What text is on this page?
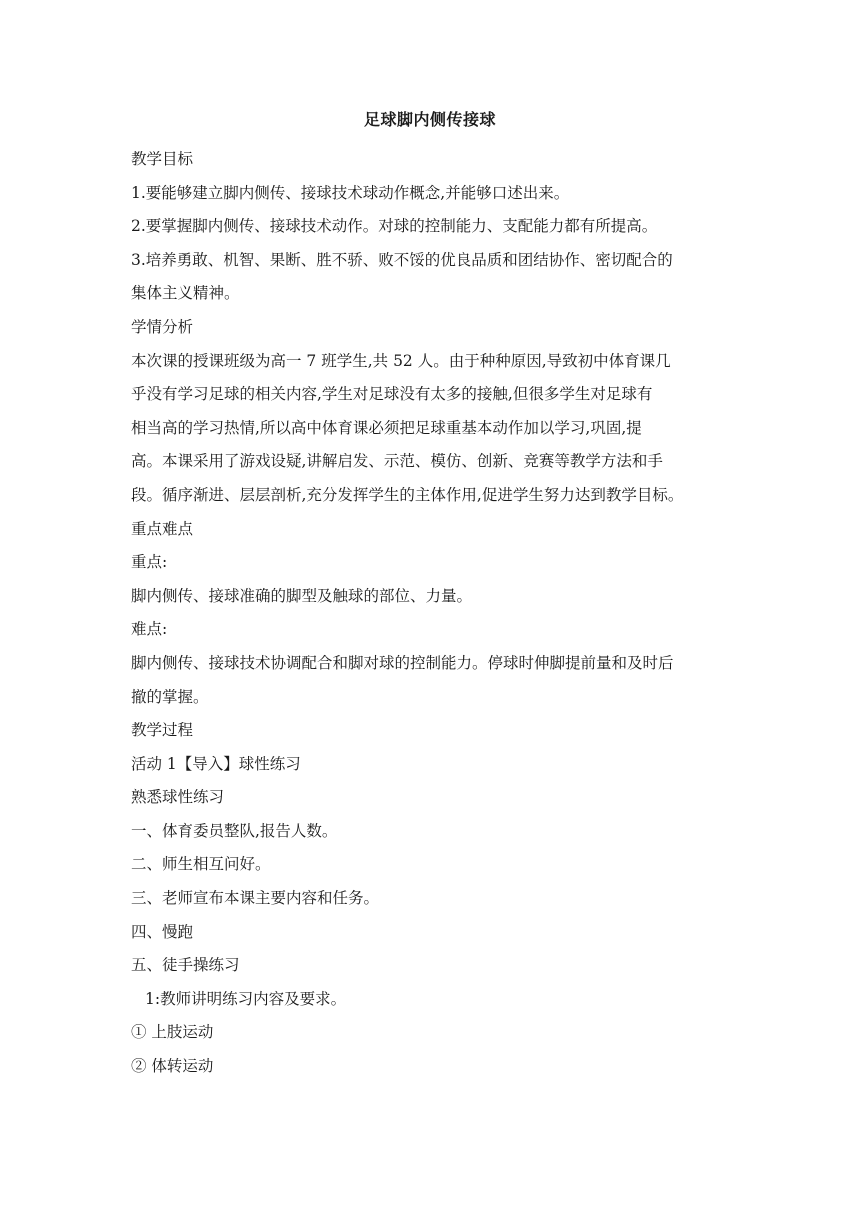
足球脚内侧传接球

教学目标

1.要能够建立脚内侧传、接球技术球动作概念,并能够口述出来。

2.要掌握脚内侧传、接球技术动作。对球的控制能力、支配能力都有所提高。

3.培养勇敢、机智、果断、胜不骄、败不馁的优良品质和团结协作、密切配合的

集体主义精神。

学情分析

本次课的授课班级为高一 7 班学生,共 52 人。由于种种原因,导致初中体育课几

乎没有学习足球的相关内容,学生对足球没有太多的接触,但很多学生对足球有

相当高的学习热情,所以高中体育课必须把足球重基本动作加以学习,巩固,提

高。本课采用了游戏设疑,讲解启发、示范、模仿、创新、竞赛等教学方法和手

段。循序渐进、层层剖析,充分发挥学生的主体作用,促进学生努力达到教学目标。

重点难点

重点:

脚内侧传、接球准确的脚型及触球的部位、力量。

难点:

脚内侧传、接球技术协调配合和脚对球的控制能力。停球时伸脚提前量和及时后

撤的掌握。

教学过程

活动 1【导入】球性练习

熟悉球性练习

一、体育委员整队,报告人数。

二、师生相互问好。

三、老师宣布本课主要内容和任务。

四、慢跑

五、徒手操练习

1:教师讲明练习内容及要求。

① 上肢运动

② 体转运动
